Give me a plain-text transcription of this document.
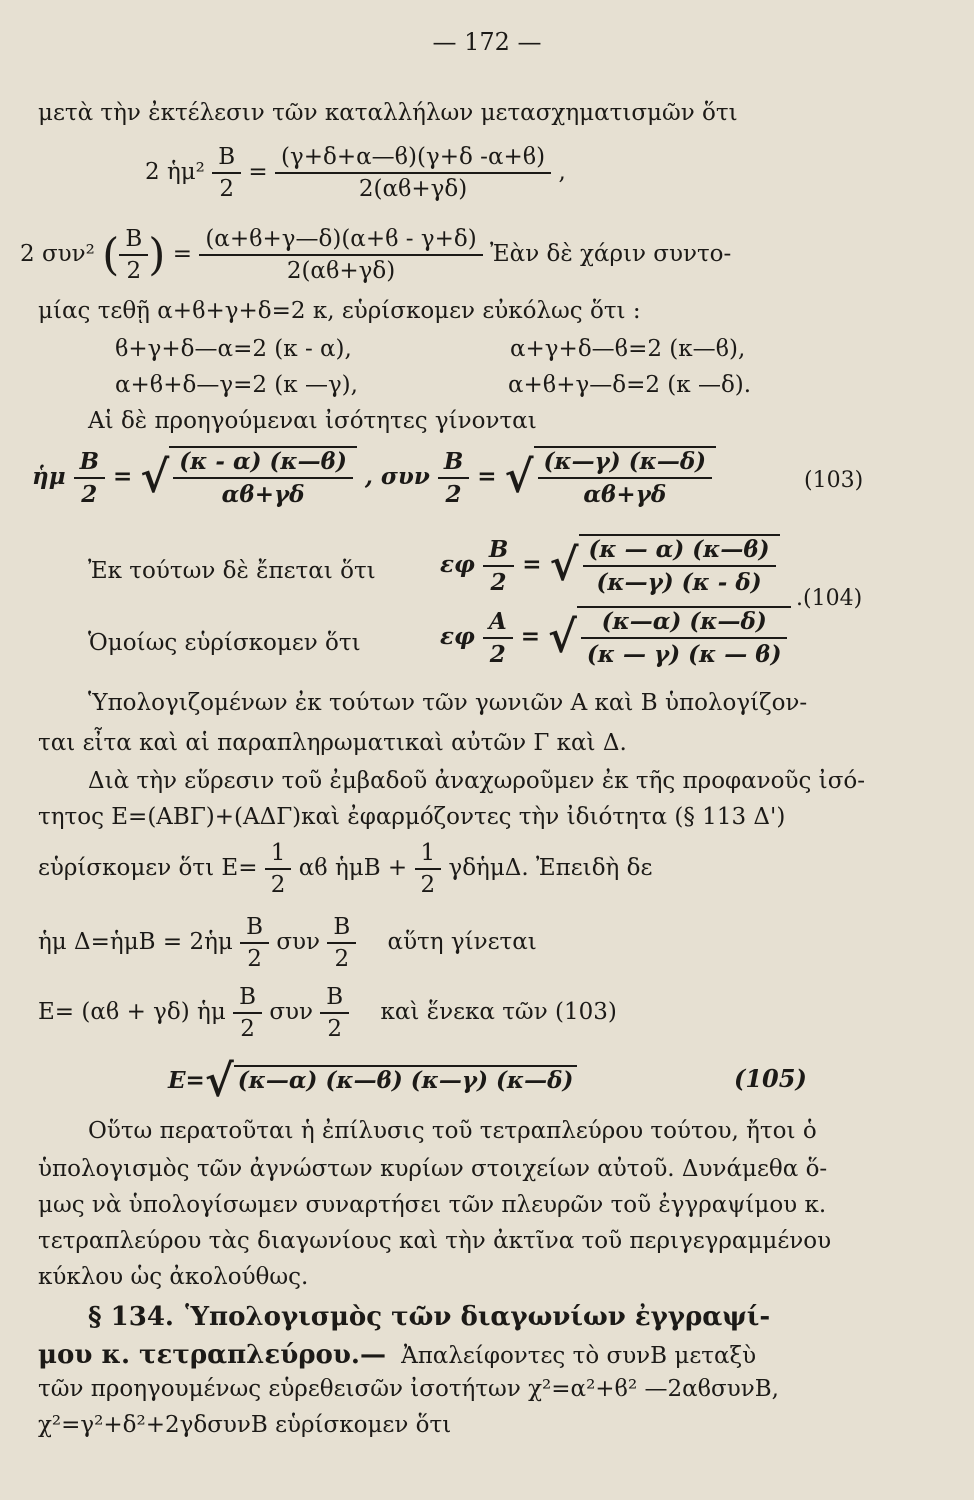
— 172 —
μετὰ τὴν ἐκτέλεσιν τῶν καταλλήλων μετασχηματισμῶν ὅτι
2 ἡμ² $\frac{B}{2} = \frac{(\gamma+\delta+\alpha—ϐ)(\gamma+\delta -\alpha+ϐ)}{2(\alpha ϐ+\gamma\delta)}$ ,
2 συν² ( $\frac{B}{2}$ ) = $\frac{(\alpha+ϐ+\gamma—\delta)(\alpha+ϐ - \gamma+\delta)}{2(\alpha ϐ+\gamma\delta)}$ Ἐὰν δὲ χάριν συντο-
μίας τεθῇ α+ϐ+γ+δ=2 κ, εὑρίσκομεν εὐκόλως ὅτι :
ϐ+γ+δ—α=2 (κ - α),	α+γ+δ—ϐ=2 (κ—ϐ),
α+ϐ+δ—γ=2 (κ —γ),	α+ϐ+γ—δ=2 (κ —δ).
Αἱ δὲ προηγούμεναι ἰσότητες γίνονται
ἡμ $\frac{B}{2}$ = √ $\frac{(\kappa - \alpha) (\kappa—ϐ)}{\alpha ϐ+\gamma\delta}$ , συν $\frac{B}{2}$ = √ $\frac{(\kappa—\gamma) (\kappa—\delta)}{\alpha ϐ+\gamma\delta}$	(103)
Ἐκ τούτων δὲ ἔπεται ὅτι	εφ $\frac{B}{2}$ = √ $\frac{(\kappa — \alpha) (\kappa—ϐ)}{(\kappa—\gamma) (\kappa - \delta)}$
.(104)
Ὁμοίως εὑρίσκομεν ὅτι	εφ $\frac{A}{2}$ = √ $\frac{(\kappa—\alpha) (\kappa—\delta)}{(\kappa — \gamma) (\kappa — ϐ)}$
Ὑπολογιζομένων ἐκ τούτων τῶν γωνιῶν Α καὶ Β ὑπολογίζον-
ται εἶτα καὶ αἱ παραπληρωματικαὶ αὐτῶν Γ καὶ Δ.
Διὰ τὴν εὕρεσιν τοῦ ἐμβαδοῦ ἀναχωροῦμεν ἐκ τῆς προφανοῦς ἰσό-
τητος Ε=(ΑΒΓ)+(ΑΔΓ)καὶ ἐφαρμόζοντες τὴν ἰδιότητα (§ 113 Δ')
εὑρίσκομεν ὅτι $E= \frac{1}{2}$ αϐ ἡμΒ + $\frac{1}{2}$ γδἡμΔ. Ἐπειδὴ δε
ἡμ Δ=ἡμΒ = 2ἡμ $\frac{B}{2}$ συν $\frac{B}{2}$ αὕτη γίνεται
Ε= (αϐ + γδ) ἡμ $\frac{B}{2}$ συν $\frac{B}{2}$ καὶ ἕνεκα τῶν (103)
E=√ (κ—α) (κ—ϐ) (κ—γ) (κ—δ)	(105)
Οὕτω περατοῦται ἡ ἐπίλυσις τοῦ τετραπλεύρου τούτου, ἤτοι ὁ
ὑπολογισμὸς τῶν ἀγνώστων κυρίων στοιχείων αὐτοῦ. Δυνάμεθα ὅ-
μως νὰ ὑπολογίσωμεν συναρτήσει τῶν πλευρῶν τοῦ ἐγγραψίμου κ.
τετραπλεύρου τὰς διαγωνίους καὶ τὴν ἀκτῖνα τοῦ περιγεγραμμένου
κύκλου ὡς ἀκολούθως.
§ 134. Ὑπολογισμὸς τῶν διαγωνίων ἐγγραψί-
μου κ. τετραπλεύρου.— Ἀπαλείφοντες τὸ συνΒ μεταξὺ
τῶν προηγουμένως εὑρεθεισῶν ἰσοτήτων χ²=α²+ϐ² —2αϐσυνΒ,
χ²=γ²+δ²+2γδσυνΒ εὑρίσκομεν ὅτι
